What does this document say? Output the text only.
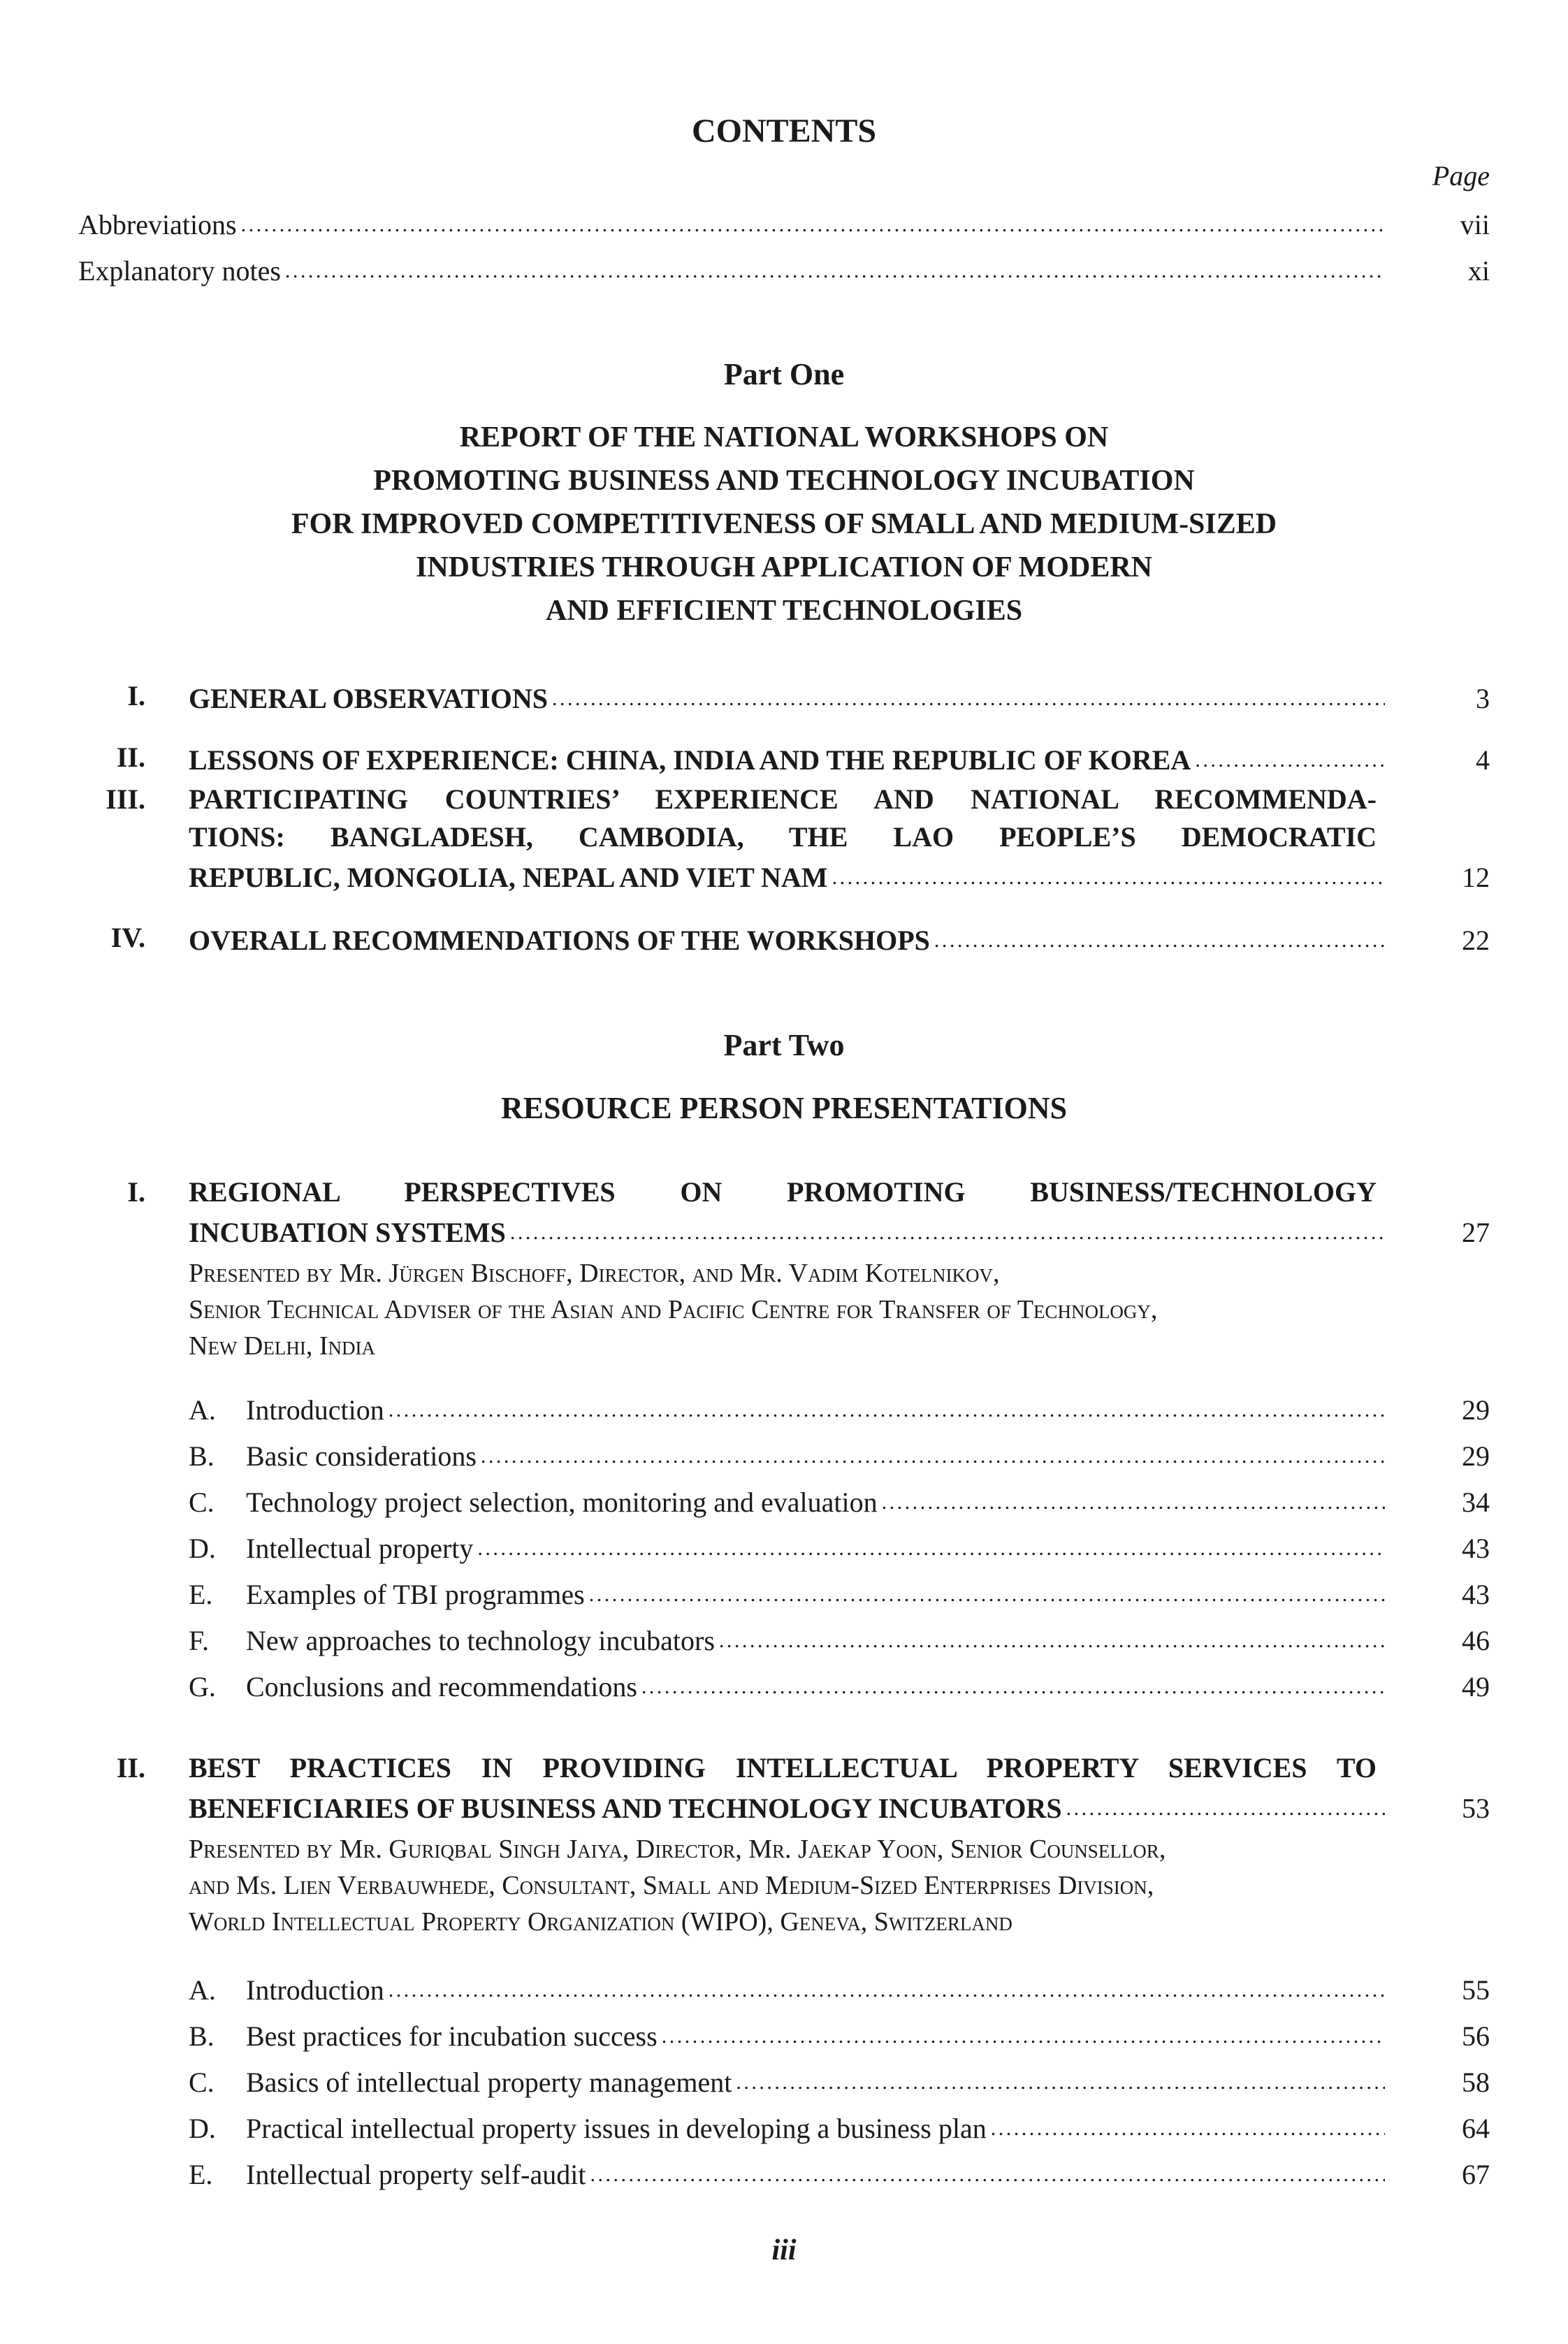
CONTENTS
Page
Abbreviations . . .	vii
Explanatory notes . . .	xi
Part One
REPORT OF THE NATIONAL WORKSHOPS ON
PROMOTING BUSINESS AND TECHNOLOGY INCUBATION
FOR IMPROVED COMPETITIVENESS OF SMALL AND MEDIUM-SIZED
INDUSTRIES THROUGH APPLICATION OF MODERN
AND EFFICIENT TECHNOLOGIES
I. GENERAL OBSERVATIONS . . .	3
II. LESSONS OF EXPERIENCE: CHINA, INDIA AND THE REPUBLIC OF KOREA . . .	4
III. PARTICIPATING COUNTRIES’ EXPERIENCE AND NATIONAL RECOMMENDA-
TIONS: BANGLADESH, CAMBODIA, THE LAO PEOPLE’S DEMOCRATIC
REPUBLIC, MONGOLIA, NEPAL AND VIET NAM . . .	12
IV. OVERALL RECOMMENDATIONS OF THE WORKSHOPS . . .	22
Part Two
RESOURCE PERSON PRESENTATIONS
I. REGIONAL PERSPECTIVES ON PROMOTING BUSINESS/TECHNOLOGY
INCUBATION SYSTEMS . . .	27
Presented by Mr. Jürgen Bischoff, Director, and Mr. Vadim Kotelnikov,
Senior Technical Adviser of the Asian and Pacific Centre for Transfer of Technology,
New Delhi, India
A.	Introduction . . .	29
B.	Basic considerations . . .	29
C.	Technology project selection, monitoring and evaluation . . .	34
D.	Intellectual property . . .	43
E.	Examples of TBI programmes . . .	43
F.	New approaches to technology incubators . . .	46
G.	Conclusions and recommendations . . .	49
II. BEST PRACTICES IN PROVIDING INTELLECTUAL PROPERTY SERVICES TO
BENEFICIARIES OF BUSINESS AND TECHNOLOGY INCUBATORS . . .	53
Presented by Mr. Guriqbal Singh Jaiya, Director, Mr. Jaekap Yoon, Senior Counsellor,
and Ms. Lien Verbauwhede, Consultant, Small and Medium-Sized Enterprises Division,
World Intellectual Property Organization (WIPO), Geneva, Switzerland
A.	Introduction . . .	55
B.	Best practices for incubation success . . .	56
C.	Basics of intellectual property management . . .	58
D.	Practical intellectual property issues in developing a business plan . . .	64
E.	Intellectual property self-audit . . .	67
iii
